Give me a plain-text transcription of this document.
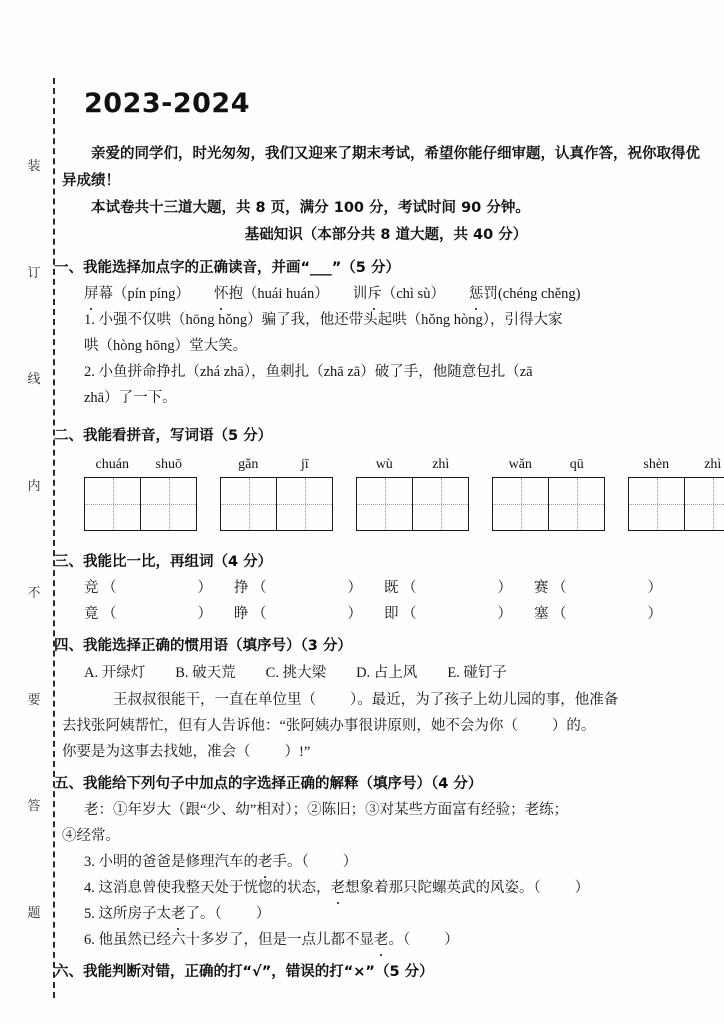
装
订
线
内
不
要
答
题
2023-2024

亲爱的同学们，时光匆匆，我们又迎来了期末考试，希望你能仔细审题，认真作答，祝你取得优异成绩！

本试卷共十三道大题，共 8 页，满分 100 分，考试时间 90 分钟。

基础知识（本部分共 8 道大题，共 40 分）

一、我能选择加点字的正确读音，并画“___”（5 分）
屏幕（pín píng） 怀抱（huái huán） 训斥（chì sù） 惩罚(chéng chěng)
1. 小强不仅哄（hōng hǒng）骗了我，他还带头起哄（hǒng hòng），引得大家
哄（hòng hōng）堂大笑。
2. 小鱼拼命挣扎（zhá zhā），鱼刺扎（zhā zā）破了手，他随意包扎（zā
zhā）了一下。
二、我能看拼音，写词语（5 分）
chuán	shuō	gǎn	jī	wù	zhì	wǎn	qū	shèn	zhì
三、我能比一比，再组词（4 分）
竞 （	） 挣 （	） 既 （	） 赛 （	）
竟 （	） 睁 （	） 即 （	） 塞 （	）
四、我能选择正确的惯用语（填序号）（3 分）
A. 开绿灯 B. 破天荒 C. 挑大梁 D. 占上风 E. 碰钉子
王叔叔很能干，一直在单位里（ ）。最近，为了孩子上幼儿园的事，他准备
去找张阿姨帮忙，但有人告诉他：“张阿姨办事很讲原则，她不会为你（ ）的。
你要是为这事去找她，准会（ ）!”
五、我能给下列句子中加点的字选择正确的解释（填序号）（4 分）
老：①年岁大（跟“少、幼”相对）；②陈旧；③对某些方面富有经验；老练；
④经常。
3. 小明的爸爸是修理汽车的老手。（ ）
4. 这消息曾使我整天处于恍惚的状态，老想象着那只陀螺英武的风姿。（ ）
5. 这所房子太老了。（ ）
6. 他虽然已经六十多岁了，但是一点儿都不显老。（ ）
六、我能判断对错，正确的打“√”，错误的打“×”（5 分）
